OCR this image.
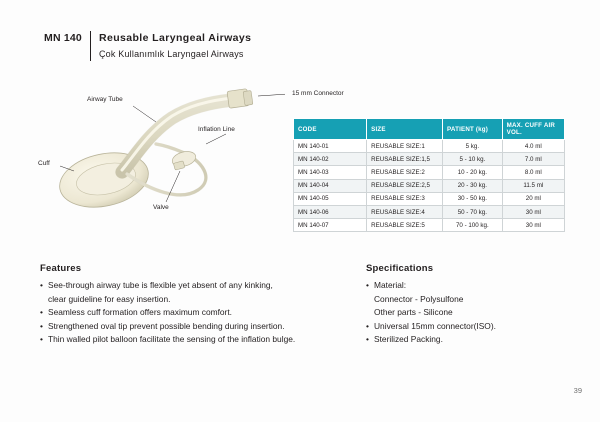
MN 140	Reusable Laryngeal Airways
Çok Kullanımlık Laryngael Airways
Airway Tube
Inflation Line
Cuff
Valve
15 mm Connector
CODE	SIZE	PATIENT (kg)	MAX. CUFF AIR VOL.
MN 140-01	REUSABLE SIZE:1	5 kg.	4.0 ml
MN 140-02	REUSABLE SIZE:1,5	5 - 10 kg.	7.0 ml
MN 140-03	REUSABLE SIZE:2	10 - 20 kg.	8.0 ml
MN 140-04	REUSABLE SIZE:2,5	20 - 30 kg.	11.5 ml
MN 140-05	REUSABLE SIZE:3	30 - 50 kg.	20 ml
MN 140-06	REUSABLE SIZE:4	50 - 70 kg.	30 ml
MN 140-07	REUSABLE SIZE:5	70 - 100 kg.	30 ml
Features
• See-through airway tube is flexible yet absent of any kinking,
clear guideline for easy insertion.
• Seamless cuff formation offers maximum comfort.
• Strengthened oval tip prevent possible bending during insertion.
• Thin walled pilot balloon facilitate the sensing of the inflation bulge.
Specifications
• Material:
Connector - Polysulfone
Other parts - Silicone
• Universal 15mm connector(ISO).
• Sterilized Packing.
39
